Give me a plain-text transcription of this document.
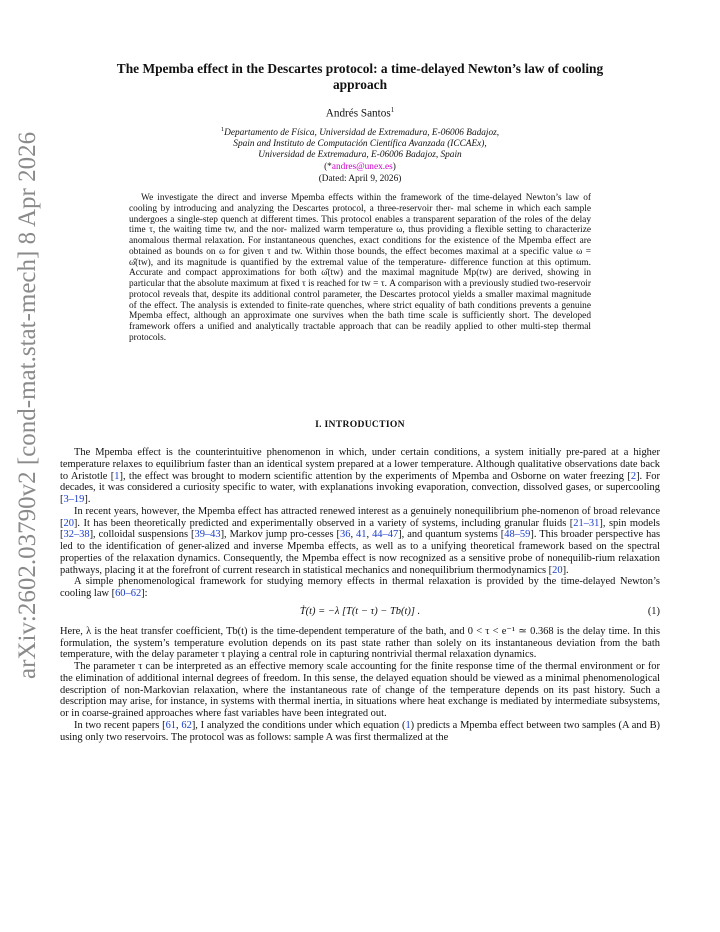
arXiv:2602.03790v2 [cond-mat.stat-mech] 8 Apr 2026
The Mpemba effect in the Descartes protocol: a time-delayed Newton’s law of cooling
approach
Andrés Santos$^1$
$^1$Departamento de Física, Universidad de Extremadura, E-06006 Badajoz,
Spain and Instituto de Computación Científica Avanzada (ICCAEx),
Universidad de Extremadura, E-06006 Badajoz, Spain
(*andres@unex.es)
(Dated: April 9, 2026)

We investigate the direct and inverse Mpemba effects within the framework of the time-delayed Newton’s law of cooling by introducing and analyzing the Descartes protocol, a three-reservoir ther- mal scheme in which each sample undergoes a single-step quench at different times. This protocol enables a transparent separation of the roles of the delay time τ, the waiting time tw, and the nor- malized warm temperature ω, thus providing a flexible setting to characterize anomalous thermal relaxation. For instantaneous quenches, exact conditions for the existence of the Mpemba effect are obtained as bounds on ω for given τ and tw. Within those bounds, the effect becomes maximal at a specific value ω = ω̂(tw), and its magnitude is quantified by the extremal value of the temperature- difference function at this optimum. Accurate and compact approximations for both ω̂(tw) and the maximal magnitude Mp(tw) are derived, showing in particular that the absolute maximum at fixed τ is reached for tw = τ. A comparison with a previously studied two-reservoir protocol reveals that, despite its additional control parameter, the Descartes protocol yields a smaller maximal magnitude of the effect. The analysis is extended to finite-rate quenches, where strict equality of bath conditions prevents a genuine Mpemba effect, although an approximate one survives when the bath time scale is sufficiently short. The developed framework offers a unified and analytically tractable approach that can be readily applied to other multi-step thermal protocols.

I. INTRODUCTION

The Mpemba effect is the counterintuitive phenomenon in which, under certain conditions, a system initially pre-pared at a higher temperature relaxes to equilibrium faster than an identical system prepared at a lower temperature. Although qualitative observations date back to Aristotle [1], the effect was brought to modern scientific attention by the experiments of Mpemba and Osborne on water freezing [2]. For decades, it was considered a curiosity specific to water, with explanations invoking evaporation, convection, dissolved gases, or supercooling [3–19].

In recent years, however, the Mpemba effect has attracted renewed interest as a genuinely nonequilibrium phe-nomenon of broad relevance [20]. It has been theoretically predicted and experimentally observed in a variety of systems, including granular fluids [21–31], spin models [32–38], colloidal suspensions [39–43], Markov jump pro-cesses [36, 41, 44–47], and quantum systems [48–59]. This broader perspective has led to the identification of gener-alized and inverse Mpemba effects, as well as to a unifying theoretical framework based on the spectral properties of the relaxation dynamics. Consequently, the Mpemba effect is now recognized as a sensitive probe of nonequilib-rium relaxation pathways, placing it at the forefront of current research in statistical mechanics and nonequilibrium thermodynamics [20].

A simple phenomenological framework for studying memory effects in thermal relaxation is provided by the time-delayed Newton’s cooling law [60–62]:

Ṫ(t) = −λ [T(t − τ) − Tb(t)] .	(1)

Here, λ is the heat transfer coefficient, Tb(t) is the time-dependent temperature of the bath, and 0 < τ < e⁻¹ ≃ 0.368 is the delay time. In this formulation, the system’s temperature evolution depends on its past state rather than solely on its instantaneous deviation from the bath temperature, with the delay parameter τ playing a central role in capturing nontrivial thermal relaxation dynamics.

The parameter τ can be interpreted as an effective memory scale accounting for the finite response time of the thermal environment or for the elimination of additional internal degrees of freedom. In this sense, the delayed equation should be viewed as a minimal phenomenological description of non-Markovian relaxation, where the instantaneous rate of change of the temperature depends on its past history. Such a description may arise, for instance, in systems with thermal inertia, in situations where heat exchange is mediated by intermediate subsystems, or in coarse-grained approaches where fast variables have been integrated out.

In two recent papers [61, 62], I analyzed the conditions under which equation (1) predicts a Mpemba effect between two samples (A and B) using only two reservoirs. The protocol was as follows: sample A was first thermalized at the
